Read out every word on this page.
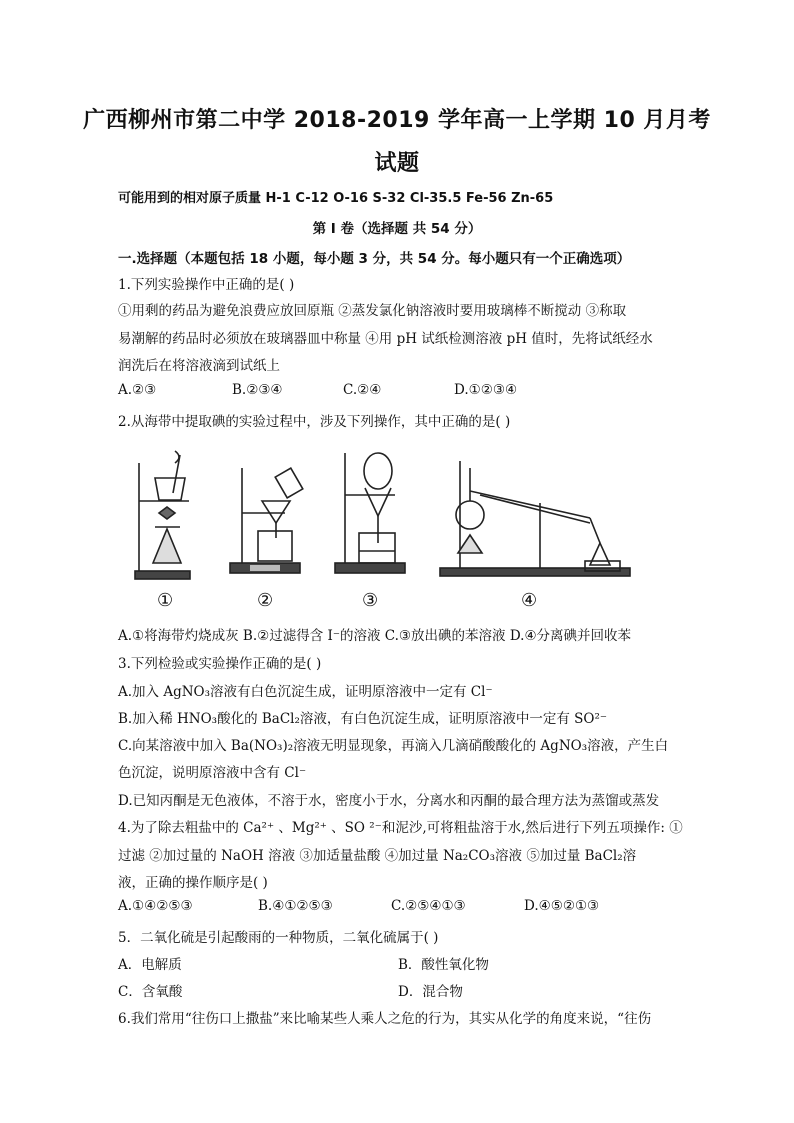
广西柳州市第二中学 2018-2019 学年高一上学期 10 月月考
试题
可能用到的相对原子质量 H-1 C-12 O-16 S-32 Cl-35.5 Fe-56 Zn-65
第 I 卷（选择题 共 54 分）
一.选择题（本题包括 18 小题，每小题 3 分，共 54 分。每小题只有一个正确选项）
1.下列实验操作中正确的是( )
①用剩的药品为避免浪费应放回原瓶 ②蒸发氯化钠溶液时要用玻璃棒不断搅动 ③称取
易潮解的药品时必须放在玻璃器皿中称量 ④用 pH 试纸检测溶液 pH 值时，先将试纸经水
润洗后在将溶液滴到试纸上
A.②③	B.②③④	C.②④	D.①②③④
2.从海带中提取碘的实验过程中，涉及下列操作，其中正确的是( )
①	②	③	④
A.①将海带灼烧成灰 B.②过滤得含 I⁻的溶液 C.③放出碘的苯溶液 D.④分离碘并回收苯
3.下列检验或实验操作正确的是( )
A.加入 AgNO₃溶液有白色沉淀生成，证明原溶液中一定有 Cl⁻
B.加入稀 HNO₃酸化的 BaCl₂溶液，有白色沉淀生成，证明原溶液中一定有 SO²⁻
C.向某溶液中加入 Ba(NO₃)₂溶液无明显现象，再滴入几滴硝酸酸化的 AgNO₃溶液，产生白
色沉淀，说明原溶液中含有 Cl⁻
D.已知丙酮是无色液体，不溶于水，密度小于水，分离水和丙酮的最合理方法为蒸馏或蒸发
4.为了除去粗盐中的 Ca²⁺ 、Mg²⁺ 、SO ²⁻和泥沙,可将粗盐溶于水,然后进行下列五项操作: ①
过滤 ②加过量的 NaOH 溶液 ③加适量盐酸 ④加过量 Na₂CO₃溶液 ⑤加过量 BaCl₂溶
液，正确的操作顺序是( )
A.①④②⑤③	B.④①②⑤③	C.②⑤④①③	D.④⑤②①③
5．二氧化硫是引起酸雨的一种物质，二氧化硫属于( )
A．电解质	B．酸性氧化物
C．含氧酸	D．混合物
6.我们常用“往伤口上撒盐”来比喻某些人乘人之危的行为，其实从化学的角度来说，“往伤
